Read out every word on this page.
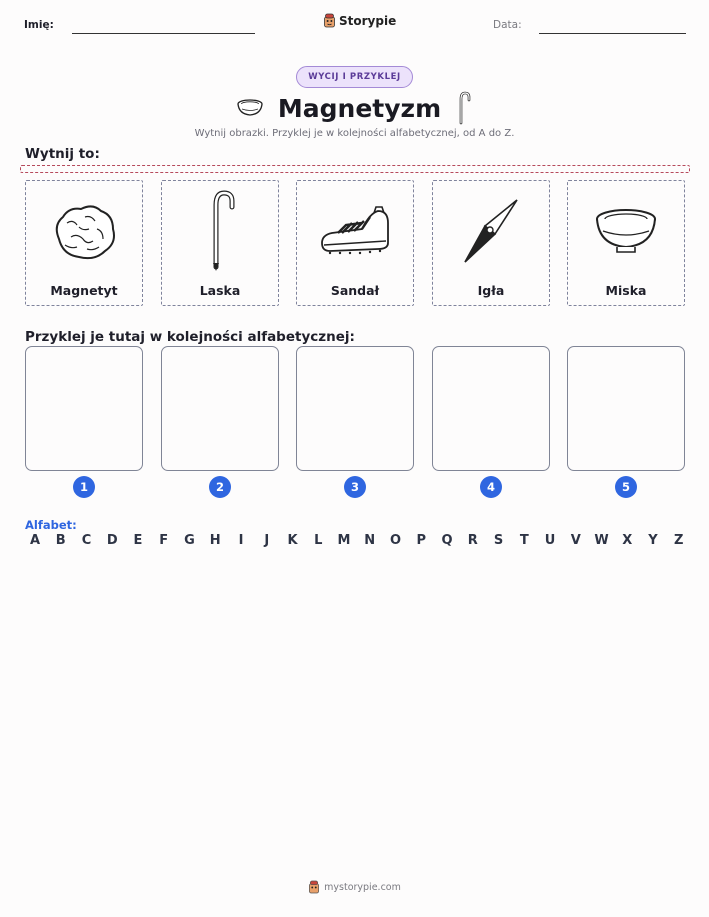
Imię:	Storypie	Data:
WYCIJ I PRZYKLEJ
Magnetyzm
Wytnij obrazki. Przyklej je w kolejności alfabetycznej, od A do Z.
Wytnij to:
Magnetyt	Laska	Sandał	Igła	Miska
Przyklej je tutaj w kolejności alfabetycznej:
1	2	3	4	5
Alfabet:
A B C D E F G H	I	J	K L M N O P Q R S T U V W X Y Z
mystorypie.com
